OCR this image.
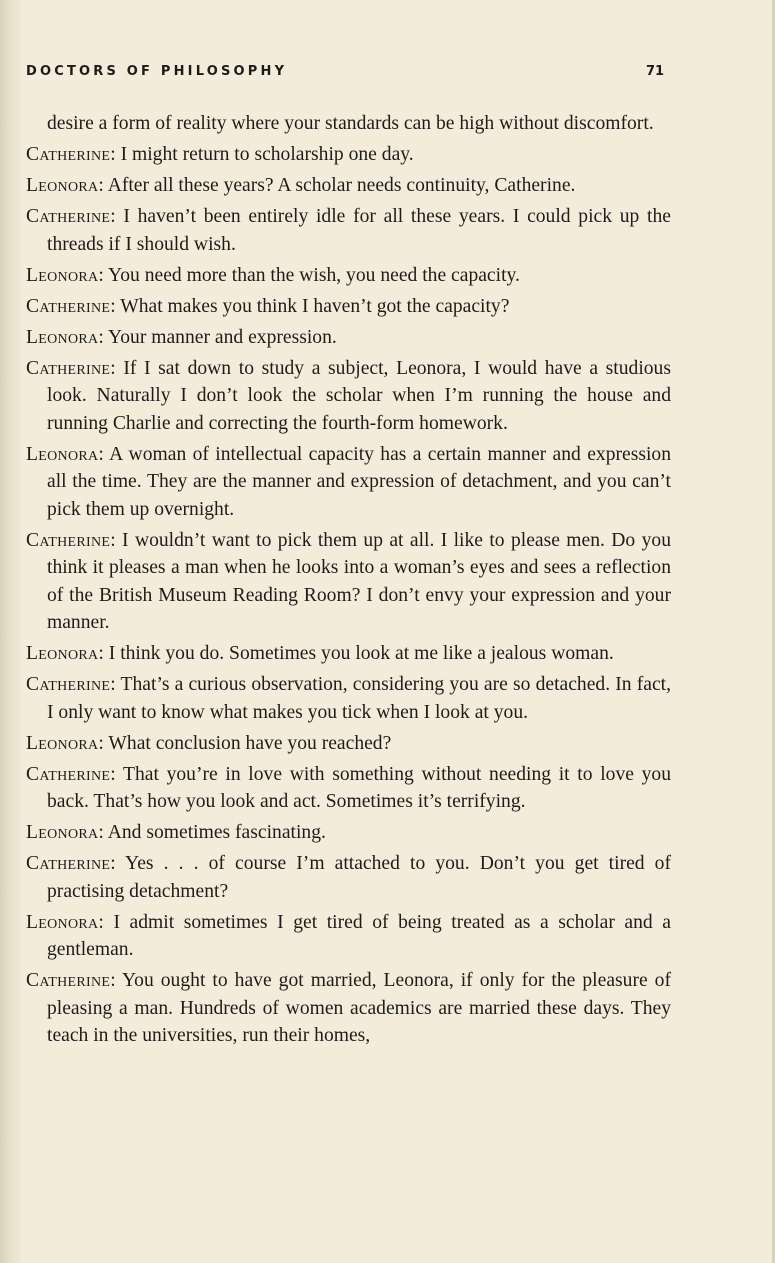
DOCTORS OF PHILOSOPHY	71

desire a form of reality where your standards can be high without discomfort.

Catherine: I might return to scholarship one day.

Leonora: After all these years? A scholar needs continuity, Catherine.

Catherine: I haven’t been entirely idle for all these years. I could pick up the threads if I should wish.

Leonora: You need more than the wish, you need the capacity.

Catherine: What makes you think I haven’t got the capacity?

Leonora: Your manner and expression.

Catherine: If I sat down to study a subject, Leonora, I would have a studious look. Naturally I don’t look the scholar when I’m running the house and running Charlie and correcting the fourth-form homework.

Leonora: A woman of intellectual capacity has a certain manner and expression all the time. They are the manner and expression of detachment, and you can’t pick them up overnight.

Catherine: I wouldn’t want to pick them up at all. I like to please men. Do you think it pleases a man when he looks into a woman’s eyes and sees a reflection of the British Museum Reading Room? I don’t envy your expression and your manner.

Leonora: I think you do. Sometimes you look at me like a jealous woman.

Catherine: That’s a curious observation, considering you are so detached. In fact, I only want to know what makes you tick when I look at you.

Leonora: What conclusion have you reached?

Catherine: That you’re in love with something without needing it to love you back. That’s how you look and act. Sometimes it’s terrifying.

Leonora: And sometimes fascinating.

Catherine: Yes . . . of course I’m attached to you. Don’t you get tired of practising detachment?

Leonora: I admit sometimes I get tired of being treated as a scholar and a gentleman.

Catherine: You ought to have got married, Leonora, if only for the pleasure of pleasing a man. Hundreds of women academics are married these days. They teach in the universities, run their homes,
